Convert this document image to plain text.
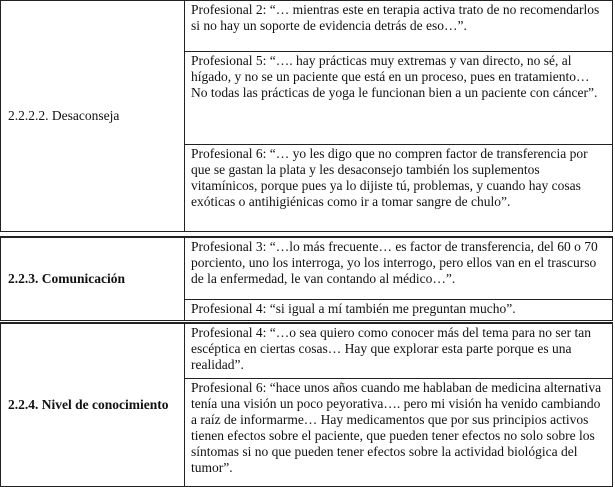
2.2.2.2. Desaconseja
Profesional 2: “… mientras este en terapia activa trato de no recomendarlos si no hay un soporte de evidencia detrás de eso…”.
Profesional 5: “…. hay prácticas muy extremas y van directo, no sé, al hígado, y no se un paciente que está en un proceso, pues en tratamiento… No todas las prácticas de yoga le funcionan bien a un paciente con cáncer”.
Profesional 6: “… yo les digo que no compren factor de transferencia por que se gastan la plata y les desaconsejo también los suplementos vitamínicos, porque pues ya lo dijiste tú, problemas, y cuando hay cosas exóticas o antihigiénicas como ir a tomar sangre de chulo”.
2.2.3. Comunicación
Profesional 3: “…lo más frecuente… es factor de transferencia, del 60 o 70 porciento, uno los interroga, yo los interrogo, pero ellos van en el trascurso de la enfermedad, le van contando al médico…”.
Profesional 4: “si igual a mí también me preguntan mucho”.
2.2.4. Nivel de conocimiento
Profesional 4: “…o sea quiero como conocer más del tema para no ser tan escéptica en ciertas cosas… Hay que explorar esta parte porque es una realidad”.
Profesional 6: “hace unos años cuando me hablaban de medicina alternativa tenía una visión un poco peyorativa…. pero mi visión ha venido cambiando a raíz de informarme… Hay medicamentos que por sus principios activos tienen efectos sobre el paciente, que pueden tener efectos no solo sobre los síntomas si no que pueden tener efectos sobre la actividad biológica del tumor”.
